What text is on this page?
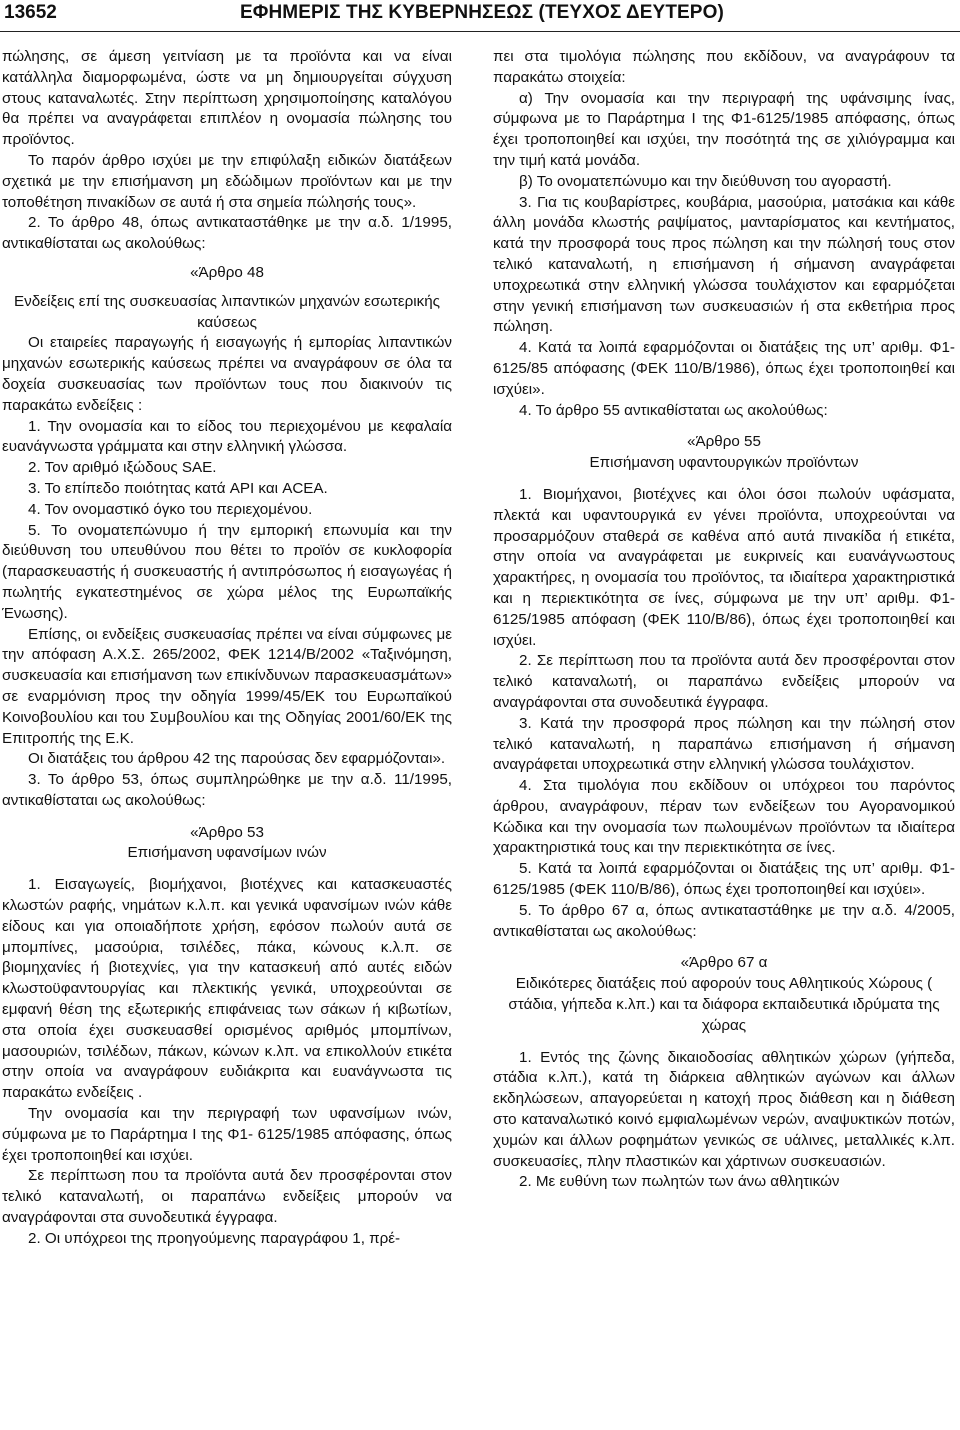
13652	ΕΦΗΜΕΡΙΣ ΤΗΣ ΚΥΒΕΡΝΗΣΕΩΣ (ΤΕΥΧΟΣ ΔΕΥΤΕΡΟ)

πώλησης, σε άμεση γειτνίαση με τα προϊόντα και να είναι κατάλληλα διαμορφωμένα, ώστε να μη δημιουργείται σύγχυση στους καταναλωτές. Στην περίπτωση χρησιμοποίησης καταλόγου θα πρέπει να αναγράφεται επιπλέον η ονομασία πώλησης του προϊόντος.

Το παρόν άρθρο ισχύει με την επιφύλαξη ειδικών διατάξεων σχετικά με την επισήμανση μη εδώδιμων προϊόντων και με την τοποθέτηση πινακίδων σε αυτά ή στα σημεία πώλησής τους».

2. Το άρθρο 48, όπως αντικαταστάθηκε με την α.δ. 1/1995, αντικαθίσταται ως ακολούθως:

«Άρθρο 48

Ενδείξεις επί της συσκευασίας λιπαντικών μηχανών εσωτερικής καύσεως

Οι εταιρείες παραγωγής ή εισαγωγής ή εμπορίας λιπαντικών μηχανών εσωτερικής καύσεως πρέπει να αναγράφουν σε όλα τα δοχεία συσκευασίας των προϊόντων τους που διακινούν τις παρακάτω ενδείξεις :

1. Την ονομασία και το είδος του περιεχομένου με κεφαλαία ευανάγνωστα γράμματα και στην ελληνική γλώσσα.

2. Τον αριθμό ιξώδους SAE.

3. Το επίπεδο ποιότητας κατά API και ACEA.

4. Τον ονομαστικό όγκο του περιεχομένου.

5. Το ονοματεπώνυμο ή την εμπορική επωνυμία και την διεύθυνση του υπευθύνου που θέτει το προϊόν σε κυκλοφορία (παρασκευαστής ή συσκευαστής ή αντιπρόσωπος ή εισαγωγέας ή πωλητής εγκατεστημένος σε χώρα μέλος της Ευρωπαϊκής Ένωσης).

Επίσης, οι ενδείξεις συσκευασίας πρέπει να είναι σύμφωνες με την απόφαση Α.Χ.Σ. 265/2002, ΦΕΚ 1214/Β/2002 «Ταξινόμηση, συσκευασία και επισήμανση των επικίνδυνων παρασκευασμάτων» σε εναρμόνιση προς την οδηγία 1999/45/ΕΚ του Ευρωπαϊκού Κοινοβουλίου και του Συμβουλίου και της Οδηγίας 2001/60/ΕΚ της Επιτροπής της Ε.Κ.

Οι διατάξεις του άρθρου 42 της παρούσας δεν εφαρμόζονται».

3. Το άρθρο 53, όπως συμπληρώθηκε με την α.δ. 11/1995, αντικαθίσταται ως ακολούθως:

«Άρθρο 53

Επισήμανση υφανσίμων ινών

1. Εισαγωγείς, βιομήχανοι, βιοτέχνες και κατασκευαστές κλωστών ραφής, νημάτων κ.λ.π. και γενικά υφανσίμων ινών κάθε είδους και για οποιαδήποτε χρήση, εφόσον πωλούν αυτά σε μπομπίνες, μασούρια, τσιλέδες, πάκα, κώνους κ.λ.π. σε βιομηχανίες ή βιοτεχνίες, για την κατασκευή από αυτές ειδών κλωστοϋφαντουργίας και πλεκτικής γενικά, υποχρεούνται σε εμφανή θέση της εξωτερικής επιφάνειας των σάκων ή κιβωτίων, στα οποία έχει συσκευασθεί ορισμένος αριθμός μπομπίνων, μασουριών, τσιλέδων, πάκων, κώνων κ.λπ. να επικολλούν ετικέτα στην οποία να αναγράφουν ευδιάκριτα και ευανάγνωστα τις παρακάτω ενδείξεις .

Την ονομασία και την περιγραφή των υφανσίμων ινών, σύμφωνα με το Παράρτημα Ι της Φ1- 6125/1985 απόφασης, όπως έχει τροποποιηθεί και ισχύει.

Σε περίπτωση που τα προϊόντα αυτά δεν προσφέρονται στον τελικό καταναλωτή, οι παραπάνω ενδείξεις μπορούν να αναγράφονται στα συνοδευτικά έγγραφα.

2. Οι υπόχρεοι της προηγούμενης παραγράφου 1, πρέ-

πει στα τιμολόγια πώλησης που εκδίδουν, να αναγράφουν τα παρακάτω στοιχεία:

α) Την ονομασία και την περιγραφή της υφάνσιμης ίνας, σύμφωνα με το Παράρτημα Ι της Φ1-6125/1985 απόφασης, όπως έχει τροποποιηθεί και ισχύει, την ποσότητά της σε χιλιόγραμμα και την τιμή κατά μονάδα.

β) Το ονοματεπώνυμο και την διεύθυνση του αγοραστή.

3. Για τις κουβαρίστρες, κουβάρια, μασούρια, ματσάκια και κάθε άλλη μονάδα κλωστής ραψίματος, μανταρίσματος και κεντήματος, κατά την προσφορά τους προς πώληση και την πώλησή τους στον τελικό καταναλωτή, η επισήμανση ή σήμανση αναγράφεται υποχρεωτικά στην ελληνική γλώσσα τουλάχιστον και εφαρμόζεται στην γενική επισήμανση των συσκευασιών ή στα εκθετήρια προς πώληση.

4. Κατά τα λοιπά εφαρμόζονται οι διατάξεις της υπ’ αριθμ. Φ1-6125/85 απόφασης (ΦΕΚ 110/Β/1986), όπως έχει τροποποιηθεί και ισχύει».

4. Το άρθρο 55 αντικαθίσταται ως ακολούθως:

«Άρθρο 55

Επισήμανση υφαντουργικών προϊόντων

1. Βιομήχανοι, βιοτέχνες και όλοι όσοι πωλούν υφάσματα, πλεκτά και υφαντουργικά εν γένει προϊόντα, υποχρεούνται να προσαρμόζουν σταθερά σε καθένα από αυτά πινακίδα ή ετικέτα, στην οποία να αναγράφεται με ευκρινείς και ευανάγνωστους χαρακτήρες, η ονομασία του προϊόντος, τα ιδιαίτερα χαρακτηριστικά και η περιεκτικότητα σε ίνες, σύμφωνα με την υπ’ αριθμ. Φ1-6125/1985 απόφαση (ΦΕΚ 110/Β/86), όπως έχει τροποποιηθεί και ισχύει.

2. Σε περίπτωση που τα προϊόντα αυτά δεν προσφέρονται στον τελικό καταναλωτή, οι παραπάνω ενδείξεις μπορούν να αναγράφονται στα συνοδευτικά έγγραφα.

3. Κατά την προσφορά προς πώληση και την πώλησή στον τελικό καταναλωτή, η παραπάνω επισήμανση ή σήμανση αναγράφεται υποχρεωτικά στην ελληνική γλώσσα τουλάχιστον.

4. Στα τιμολόγια που εκδίδουν οι υπόχρεοι του παρόντος άρθρου, αναγράφουν, πέραν των ενδείξεων του Αγορανομικού Κώδικα και την ονομασία των πωλουμένων προϊόντων τα ιδιαίτερα χαρακτηριστικά τους και την περιεκτικότητα σε ίνες.

5. Κατά τα λοιπά εφαρμόζονται οι διατάξεις της υπ’ αριθμ. Φ1-6125/1985 (ΦΕΚ 110/Β/86), όπως έχει τροποποιηθεί και ισχύει».

5. Το άρθρο 67 α, όπως αντικαταστάθηκε με την α.δ. 4/2005, αντικαθίσταται ως ακολούθως:

«Άρθρο 67 α

Ειδικότερες διατάξεις πού αφορούν τους Αθλητικούς Χώρους ( στάδια, γήπεδα κ.λπ.) και τα διάφορα εκπαιδευτικά ιδρύματα της χώρας

1. Εντός της ζώνης δικαιοδοσίας αθλητικών χώρων (γήπεδα, στάδια κ.λπ.), κατά τη διάρκεια αθλητικών αγώνων και άλλων εκδηλώσεων, απαγορεύεται η κατοχή προς διάθεση και η διάθεση στο καταναλωτικό κοινό εμφιαλωμένων νερών, αναψυκτικών ποτών, χυμών και άλλων ροφημάτων γενικώς σε υάλινες, μεταλλικές κ.λπ. συσκευασίες, πλην πλαστικών και χάρτινων συσκευασιών.

2. Με ευθύνη των πωλητών των άνω αθλητικών
